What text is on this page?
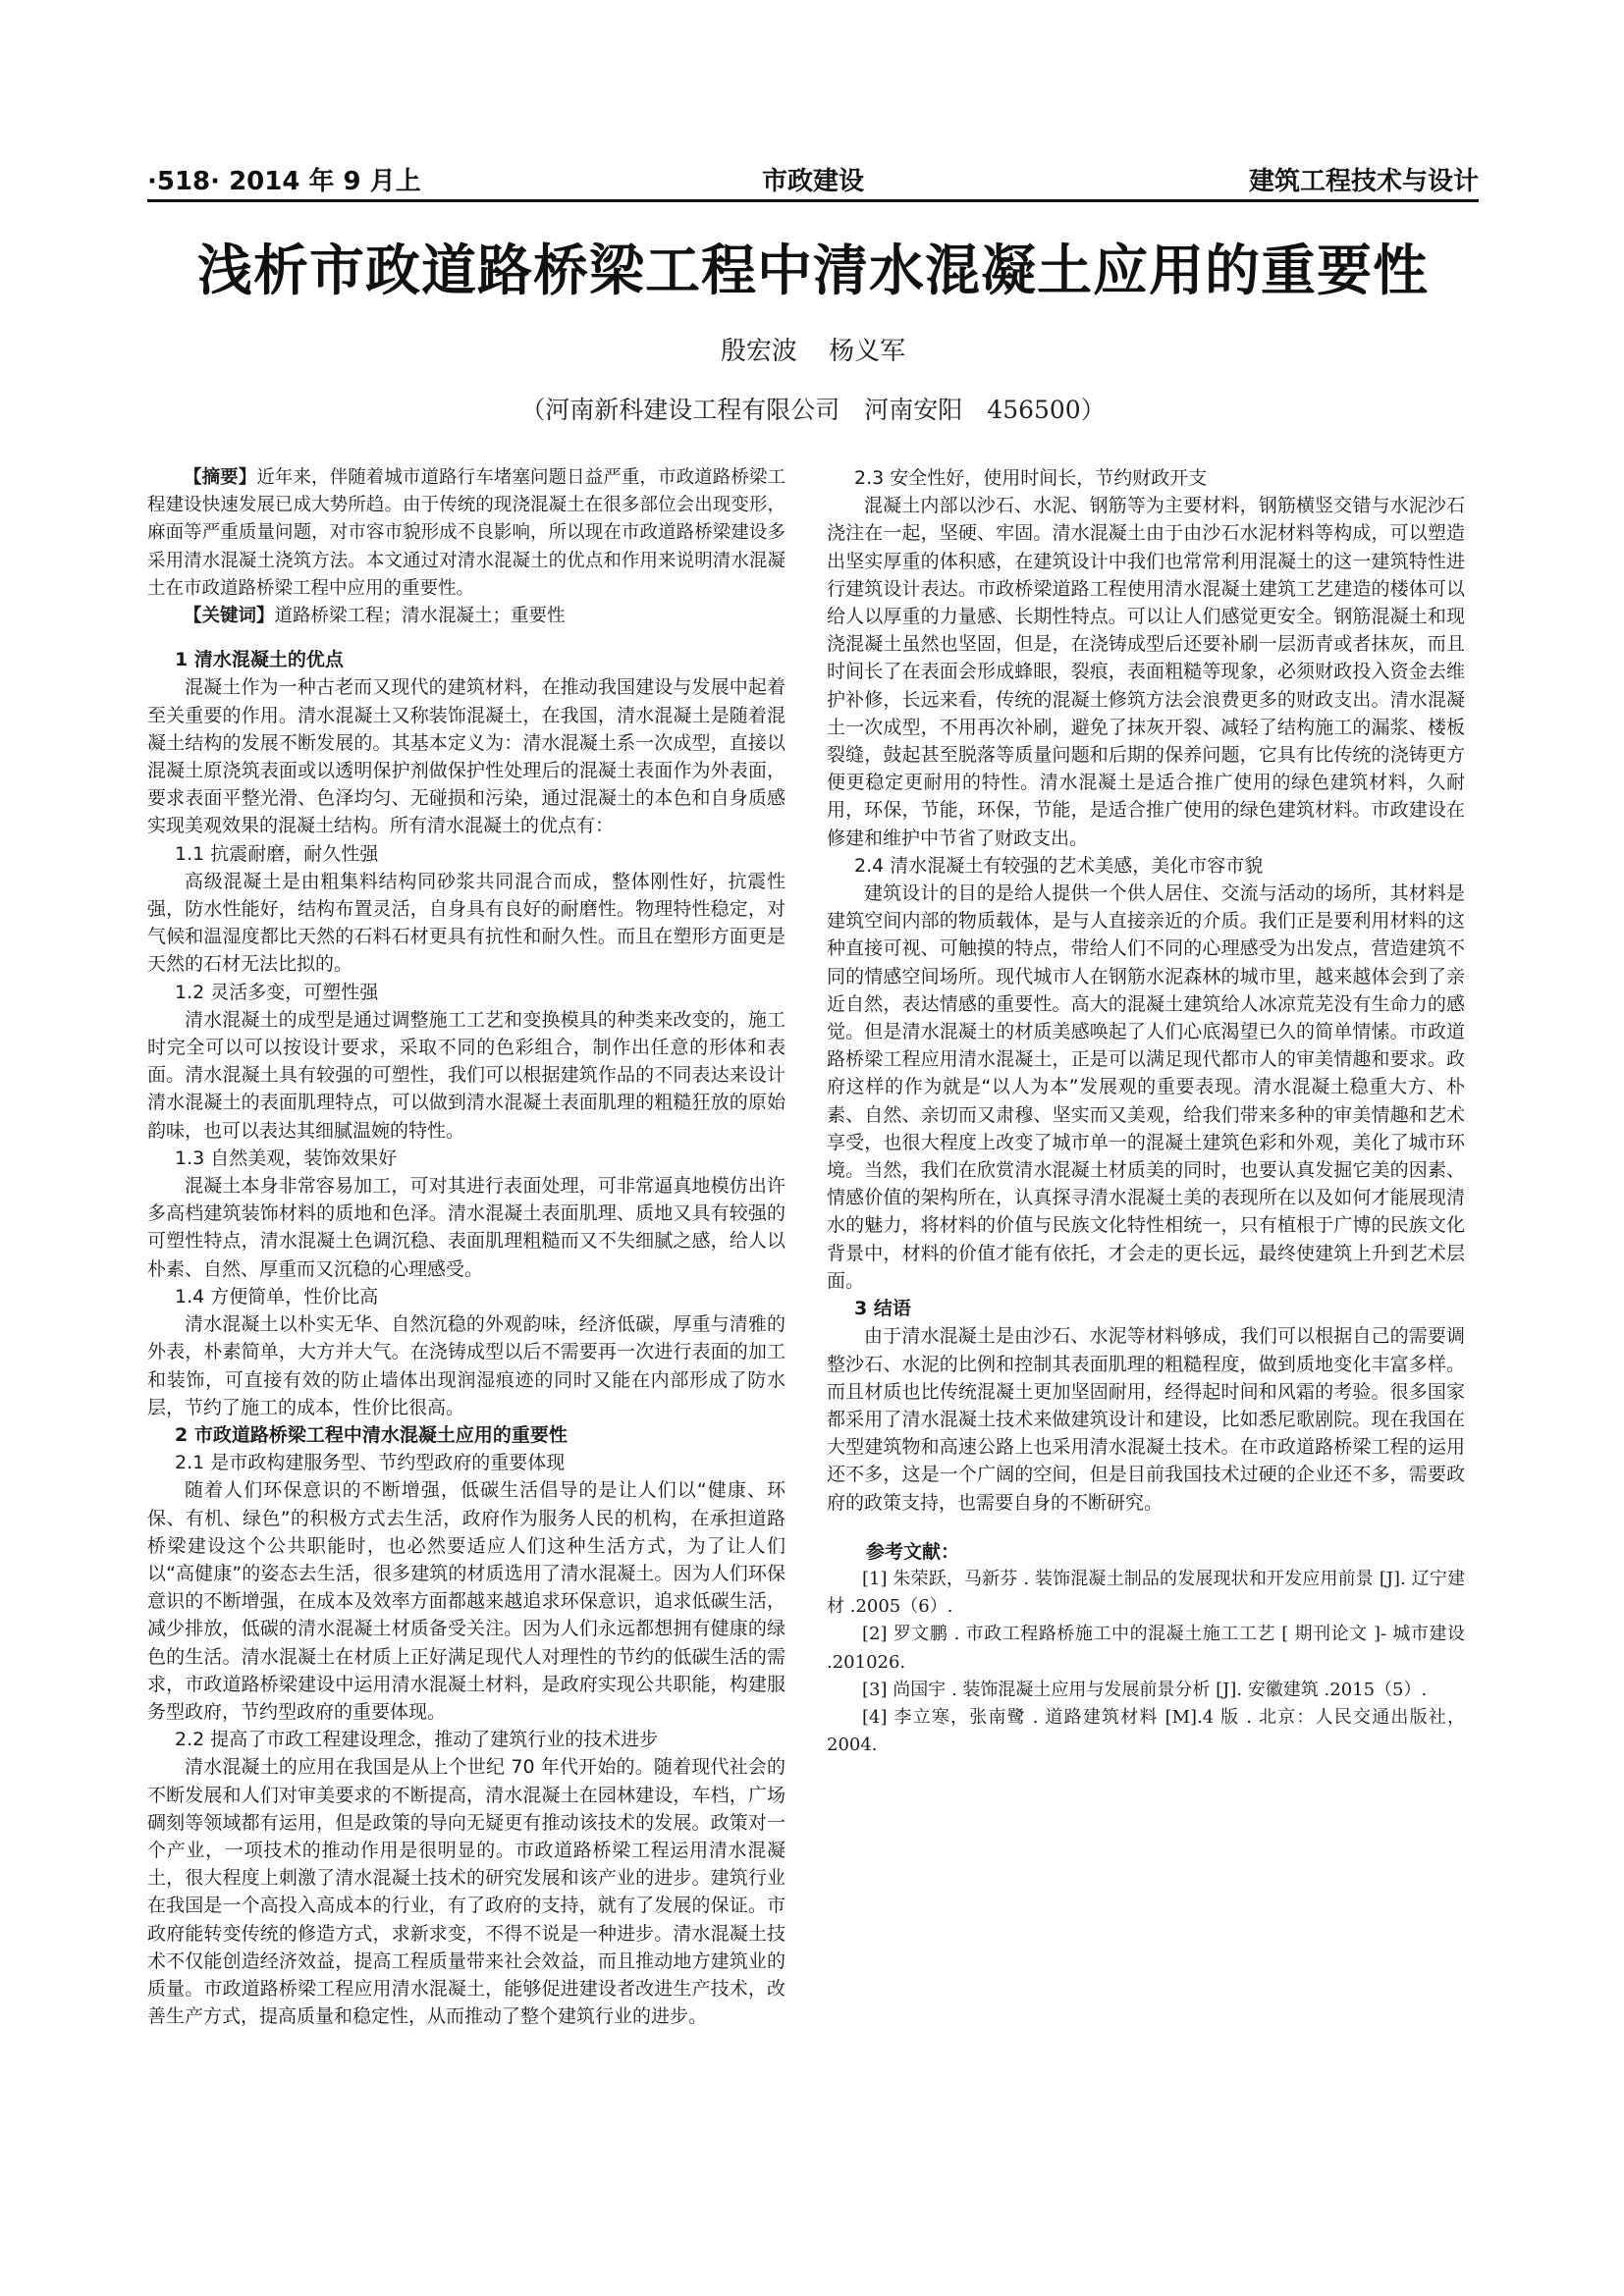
·518· 2014 年 9 月上	市政建设	建筑工程技术与设计
浅析市政道路桥梁工程中清水混凝土应用的重要性
殷宏波 杨义军
（河南新科建设工程有限公司　河南安阳　456500）

【摘要】近年来，伴随着城市道路行车堵塞问题日益严重，市政道路桥梁工程建设快速发展已成大势所趋。由于传统的现浇混凝土在很多部位会出现变形，麻面等严重质量问题，对市容市貌形成不良影响，所以现在市政道路桥梁建设多采用清水混凝土浇筑方法。本文通过对清水混凝土的优点和作用来说明清水混凝土在市政道路桥梁工程中应用的重要性。

【关键词】道路桥梁工程；清水混凝土；重要性

1 清水混凝土的优点

混凝土作为一种古老而又现代的建筑材料，在推动我国建设与发展中起着至关重要的作用。清水混凝土又称装饰混凝土，在我国，清水混凝土是随着混凝土结构的发展不断发展的。其基本定义为：清水混凝土系一次成型，直接以混凝土原浇筑表面或以透明保护剂做保护性处理后的混凝土表面作为外表面，要求表面平整光滑、色泽均匀、无碰损和污染，通过混凝土的本色和自身质感实现美观效果的混凝土结构。所有清水混凝土的优点有：

1.1 抗震耐磨，耐久性强

高级混凝土是由粗集料结构同砂浆共同混合而成，整体刚性好，抗震性强，防水性能好，结构布置灵活，自身具有良好的耐磨性。物理特性稳定，对气候和温湿度都比天然的石料石材更具有抗性和耐久性。而且在塑形方面更是天然的石材无法比拟的。

1.2 灵活多变，可塑性强

清水混凝土的成型是通过调整施工工艺和变换模具的种类来改变的，施工时完全可以可以按设计要求，采取不同的色彩组合，制作出任意的形体和表面。清水混凝土具有较强的可塑性，我们可以根据建筑作品的不同表达来设计清水混凝土的表面肌理特点，可以做到清水混凝土表面肌理的粗糙狂放的原始韵味，也可以表达其细腻温婉的特性。

1.3 自然美观，装饰效果好

混凝土本身非常容易加工，可对其进行表面处理，可非常逼真地模仿出许多高档建筑装饰材料的质地和色泽。清水混凝土表面肌理、质地又具有较强的可塑性特点，清水混凝土色调沉稳、表面肌理粗糙而又不失细腻之感，给人以朴素、自然、厚重而又沉稳的心理感受。

1.4 方便简单，性价比高

清水混凝土以朴实无华、自然沉稳的外观韵味，经济低碳，厚重与清雅的外表，朴素简单，大方并大气。在浇铸成型以后不需要再一次进行表面的加工和装饰，可直接有效的防止墙体出现润湿痕迹的同时又能在内部形成了防水层，节约了施工的成本，性价比很高。

2 市政道路桥梁工程中清水混凝土应用的重要性

2.1 是市政构建服务型、节约型政府的重要体现

随着人们环保意识的不断增强，低碳生活倡导的是让人们以“健康、环保、有机、绿色”的积极方式去生活，政府作为服务人民的机构，在承担道路桥梁建设这个公共职能时，也必然要适应人们这种生活方式，为了让人们以“高健康”的姿态去生活，很多建筑的材质选用了清水混凝土。因为人们环保意识的不断增强，在成本及效率方面都越来越追求环保意识，追求低碳生活，减少排放，低碳的清水混凝土材质备受关注。因为人们永远都想拥有健康的绿色的生活。清水混凝土在材质上正好满足现代人对理性的节约的低碳生活的需求，市政道路桥梁建设中运用清水混凝土材料，是政府实现公共职能，构建服务型政府，节约型政府的重要体现。

2.2 提高了市政工程建设理念，推动了建筑行业的技术进步

清水混凝土的应用在我国是从上个世纪 70 年代开始的。随着现代社会的不断发展和人们对审美要求的不断提高，清水混凝土在园林建设，车档，广场碉刻等领域都有运用，但是政策的导向无疑更有推动该技术的发展。政策对一个产业，一项技术的推动作用是很明显的。市政道路桥梁工程运用清水混凝土，很大程度上刺激了清水混凝土技术的研究发展和该产业的进步。建筑行业在我国是一个高投入高成本的行业，有了政府的支持，就有了发展的保证。市政府能转变传统的修造方式，求新求变，不得不说是一种进步。清水混凝土技术不仅能创造经济效益，提高工程质量带来社会效益，而且推动地方建筑业的质量。市政道路桥梁工程应用清水混凝土，能够促进建设者改进生产技术，改善生产方式，提高质量和稳定性，从而推动了整个建筑行业的进步。

2.3 安全性好，使用时间长，节约财政开支

混凝土内部以沙石、水泥、钢筋等为主要材料，钢筋横竖交错与水泥沙石浇注在一起，坚硬、牢固。清水混凝土由于由沙石水泥材料等构成，可以塑造出坚实厚重的体积感，在建筑设计中我们也常常利用混凝土的这一建筑特性进行建筑设计表达。市政桥梁道路工程使用清水混凝土建筑工艺建造的楼体可以给人以厚重的力量感、长期性特点。可以让人们感觉更安全。钢筋混凝土和现浇混凝土虽然也坚固，但是，在浇铸成型后还要补刷一层沥青或者抹灰，而且时间长了在表面会形成蜂眼，裂痕，表面粗糙等现象，必须财政投入资金去维护补修，长远来看，传统的混凝土修筑方法会浪费更多的财政支出。清水混凝土一次成型，不用再次补刷，避免了抹灰开裂、减轻了结构施工的漏浆、楼板裂缝，鼓起甚至脱落等质量问题和后期的保养问题，它具有比传统的浇铸更方便更稳定更耐用的特性。清水混凝土是适合推广使用的绿色建筑材料，久耐用，环保，节能，环保，节能，是适合推广使用的绿色建筑材料。市政建设在修建和维护中节省了财政支出。

2.4 清水混凝土有较强的艺术美感，美化市容市貌

建筑设计的目的是给人提供一个供人居住、交流与活动的场所，其材料是建筑空间内部的物质载体，是与人直接亲近的介质。我们正是要利用材料的这种直接可视、可触摸的特点，带给人们不同的心理感受为出发点，营造建筑不同的情感空间场所。现代城市人在钢筋水泥森林的城市里，越来越体会到了亲近自然，表达情感的重要性。高大的混凝土建筑给人冰凉荒芜没有生命力的感觉。但是清水混凝土的材质美感唤起了人们心底渴望已久的简单情愫。市政道路桥梁工程应用清水混凝土，正是可以满足现代都市人的审美情趣和要求。政府这样的作为就是“以人为本”发展观的重要表现。清水混凝土稳重大方、朴素、自然、亲切而又肃穆、坚实而又美观，给我们带来多种的审美情趣和艺术享受，也很大程度上改变了城市单一的混凝土建筑色彩和外观，美化了城市环境。当然，我们在欣赏清水混凝土材质美的同时，也要认真发掘它美的因素、情感价值的架构所在，认真探寻清水混凝土美的表现所在以及如何才能展现清水的魅力，将材料的价值与民族文化特性相统一，只有植根于广博的民族文化背景中，材料的价值才能有依托，才会走的更长远，最终使建筑上升到艺术层面。

3 结语

由于清水混凝土是由沙石、水泥等材料够成，我们可以根据自己的需要调整沙石、水泥的比例和控制其表面肌理的粗糙程度，做到质地变化丰富多样。而且材质也比传统混凝土更加坚固耐用，经得起时间和风霜的考验。很多国家都采用了清水混凝土技术来做建筑设计和建设，比如悉尼歌剧院。现在我国在大型建筑物和高速公路上也采用清水混凝土技术。在市政道路桥梁工程的运用还不多，这是一个广阔的空间，但是目前我国技术过硬的企业还不多，需要政府的政策支持，也需要自身的不断研究。

参考文献：

[1] 朱荣跃，马新芬 . 装饰混凝土制品的发展现状和开发应用前景 [J]. 辽宁建材 .2005（6）.

[2] 罗文鹏 . 市政工程路桥施工中的混凝土施工工艺 [ 期刊论文 ]- 城市建设 .201026.

[3] 尚国宇 . 装饰混凝土应用与发展前景分析 [J]. 安徽建筑 .2015（5）.

[4] 李立寒，张南鹭 . 道路建筑材料 [M].4 版 . 北京：人民交通出版社， 2004.
